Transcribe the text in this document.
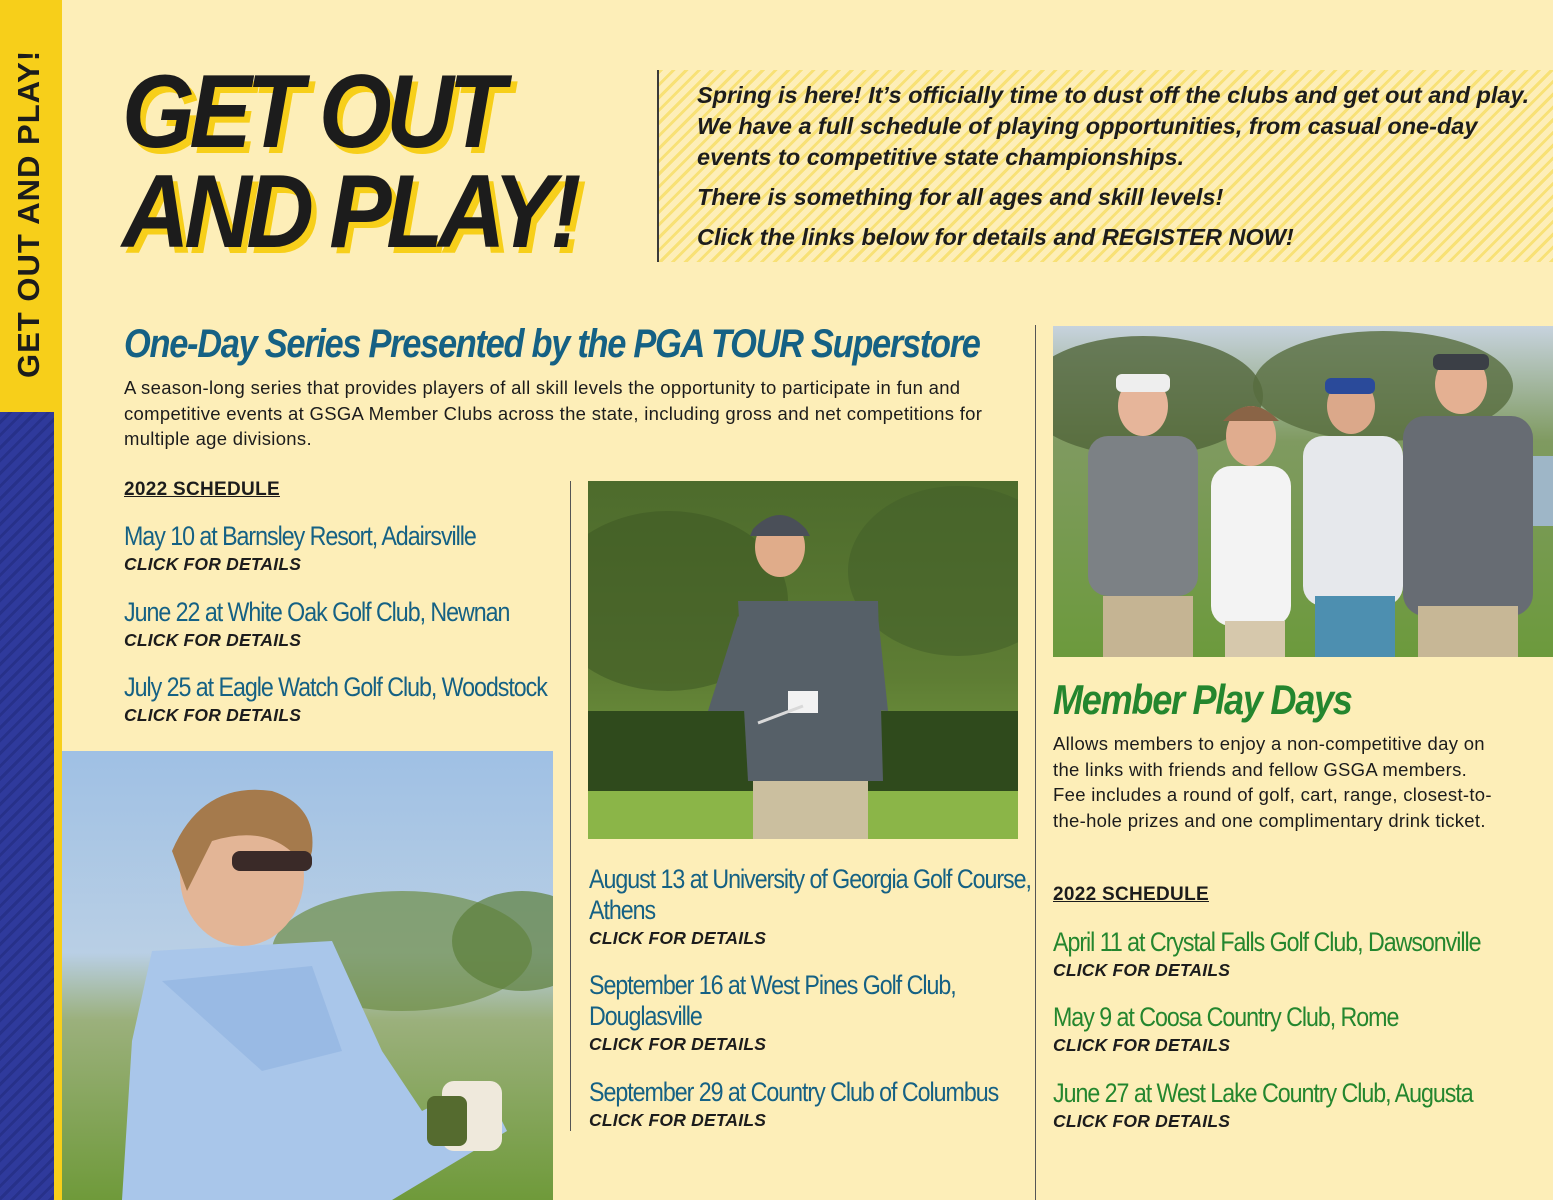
GET OUT AND PLAY! GET OUT
AND PLAY!

Spring is here! It’s officially time to dust off the clubs and get out and play. We have a full schedule of playing opportunities, from casual one-day events to competitive state championships.

There is something for all ages and skill levels!

Click the links below for details and REGISTER NOW!

One-Day Series Presented by the PGA TOUR Superstore
A season-long series that provides players of all skill levels the opportunity to participate in fun and competitive events at GSGA Member Clubs across the state, including gross and net competitions for multiple age divisions.
2022 SCHEDULE
May 10 at Barnsley Resort, Adairsville
CLICK FOR DETAILS
June 22 at White Oak Golf Club, Newnan
CLICK FOR DETAILS
July 25 at Eagle Watch Golf Club, Woodstock
CLICK FOR DETAILS
August 13 at University of Georgia Golf Course,
Athens
CLICK FOR DETAILS
September 16 at West Pines Golf Club,
Douglasville
CLICK FOR DETAILS
September 29 at Country Club of Columbus
CLICK FOR DETAILS
Member Play Days
Allows members to enjoy a non-competitive day on the links with friends and fellow GSGA members. Fee includes a round of golf, cart, range, closest-to-the-hole prizes and one complimentary drink ticket.
2022 SCHEDULE
April 11 at Crystal Falls Golf Club, Dawsonville
CLICK FOR DETAILS
May 9 at Coosa Country Club, Rome
CLICK FOR DETAILS
June 27 at West Lake Country Club, Augusta
CLICK FOR DETAILS
